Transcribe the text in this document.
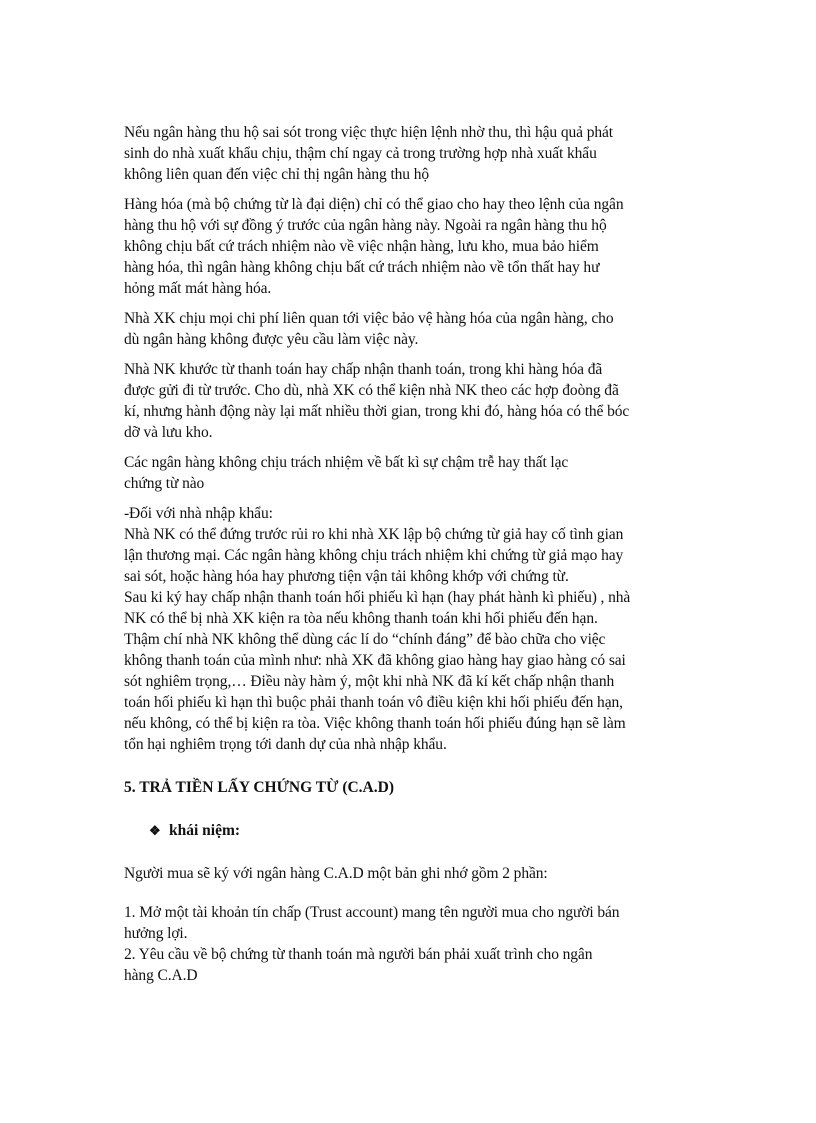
Nếu ngân hàng thu hộ sai sót trong việc thực hiện lệnh nhờ thu, thì hậu quả phát
sinh do nhà xuất khẩu chịu, thậm chí ngay cả trong trường hợp nhà xuất khẩu
không liên quan đến việc chỉ thị ngân hàng thu hộ

Hàng hóa (mà bộ chứng từ là đại diện) chỉ có thể giao cho hay theo lệnh của ngân
hàng thu hộ với sự đồng ý trước của ngân hàng này. Ngoài ra ngân hàng thu hộ
không chịu bất cứ trách nhiệm nào về việc nhận hàng, lưu kho, mua bảo hiểm
hàng hóa, thì ngân hàng không chịu bất cứ trách nhiệm nào về tổn thất hay hư
hỏng mất mát hàng hóa.

Nhà XK chịu mọi chi phí liên quan tới việc bảo vệ hàng hóa của ngân hàng, cho
dù ngân hàng không được yêu cầu làm việc này.

Nhà NK khước từ thanh toán hay chấp nhận thanh toán, trong khi hàng hóa đã
được gửi đi từ trước. Cho dù, nhà XK có thể kiện nhà NK theo các hợp đoòng đã
kí, nhưng hành động này lại mất nhiều thời gian, trong khi đó, hàng hóa có thể bóc
dỡ và lưu kho.

Các ngân hàng không chịu trách nhiệm về bất kì sự chậm trễ hay thất lạc
chứng từ nào

-Đối với nhà nhập khẩu:
Nhà NK có thể đứng trước rủi ro khi nhà XK lập bộ chứng từ giả hay cố tình gian
lận thương mại. Các ngân hàng không chịu trách nhiệm khi chứng từ giả mạo hay
sai sót, hoặc hàng hóa hay phương tiện vận tải không khớp với chứng từ.
Sau ki ký hay chấp nhận thanh toán hối phiếu kì hạn (hay phát hành kì phiếu) , nhà
NK có thể bị nhà XK kiện ra tòa nếu không thanh toán khi hối phiếu đến hạn.
Thậm chí nhà NK không thể dùng các lí do “chính đáng” để bào chữa cho việc
không thanh toán của mình như: nhà XK đã không giao hàng hay giao hàng có sai
sót nghiêm trọng,… Điều này hàm ý, một khi nhà NK đã kí kết chấp nhận thanh
toán hối phiếu kì hạn thì buộc phải thanh toán vô điều kiện khi hối phiếu đến hạn,
nếu không, có thể bị kiện ra tòa. Việc không thanh toán hối phiếu đúng hạn sẽ làm
tổn hại nghiêm trọng tới danh dự của nhà nhập khẩu.

5. TRẢ TIỀN LẤY CHỨNG TỪ (C.A.D)
❖ khái niệm:

Người mua sẽ ký với ngân hàng C.A.D một bản ghi nhớ gồm 2 phần:

1. Mở một tài khoản tín chấp (Trust account) mang tên người mua cho người bán
hưởng lợi.
2. Yêu cầu về bộ chứng từ thanh toán mà người bán phải xuất trình cho ngân
hàng C.A.D
